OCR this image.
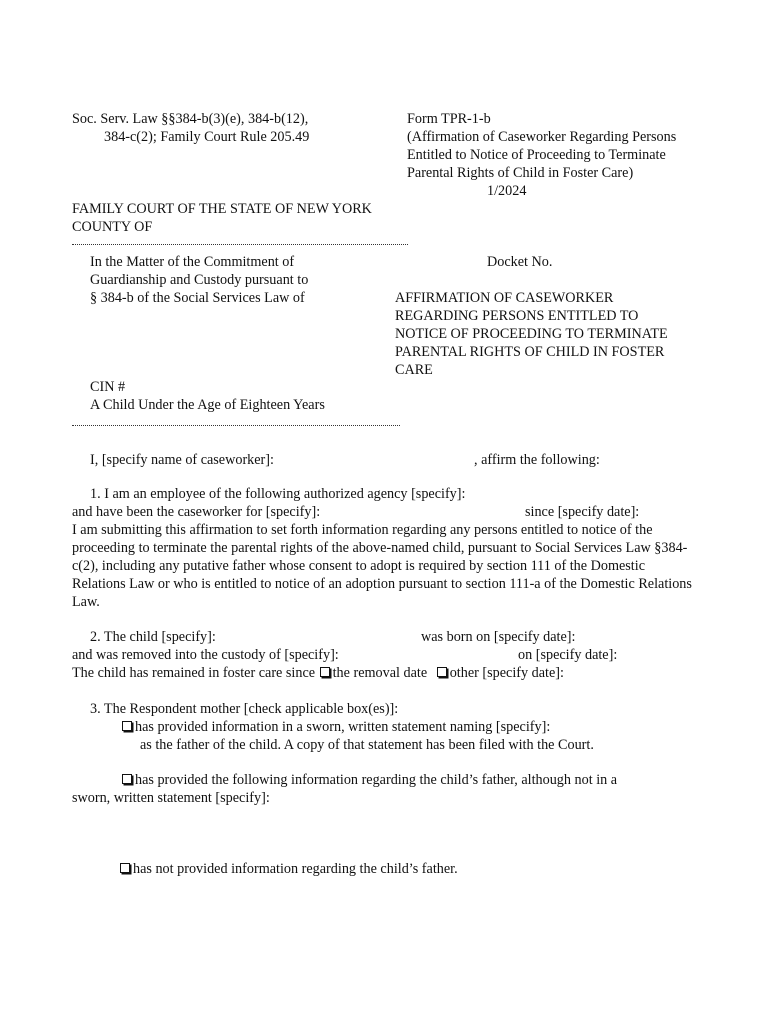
Soc. Serv. Law §§384-b(3)(e), 384-b(12),
384-c(2); Family Court Rule 205.49
Form TPR-1-b
(Affirmation of Caseworker Regarding Persons
Entitled to Notice of Proceeding to Terminate
Parental Rights of Child in Foster Care)
1/2024
FAMILY COURT OF THE STATE OF NEW YORK
COUNTY OF
In the Matter of the Commitment of
Guardianship and Custody pursuant to
§ 384-b of the Social Services Law of
CIN #
A Child Under the Age of Eighteen Years
Docket No.
AFFIRMATION OF CASEWORKER
REGARDING PERSONS ENTITLED TO
NOTICE OF PROCEEDING TO TERMINATE
PARENTAL RIGHTS OF CHILD IN FOSTER
CARE
I, [specify name of caseworker]:	, affirm the following:
1. I am an employee of the following authorized agency [specify]:
and have been the caseworker for [specify]:	since [specify date]:
I am submitting this affirmation to set forth information regarding any persons entitled to notice of the proceeding to terminate the parental rights of the above-named child, pursuant to Social Services Law §384-c(2), including any putative father whose consent to adopt is required by section 111 of the Domestic Relations Law or who is entitled to notice of an adoption pursuant to section 111-a of the Domestic Relations Law.
2. The child [specify]:	was born on [specify date]:
and was removed into the custody of [specify]:	on [specify date]:
The child has remained in foster care since the removal date other [specify date]:
3. The Respondent mother [check applicable box(es)]:
has provided information in a sworn, written statement naming [specify]:
as the father of the child. A copy of that statement has been filed with the Court.
has provided the following information regarding the child’s father, although not in a
sworn, written statement [specify]:
has not provided information regarding the child’s father.
